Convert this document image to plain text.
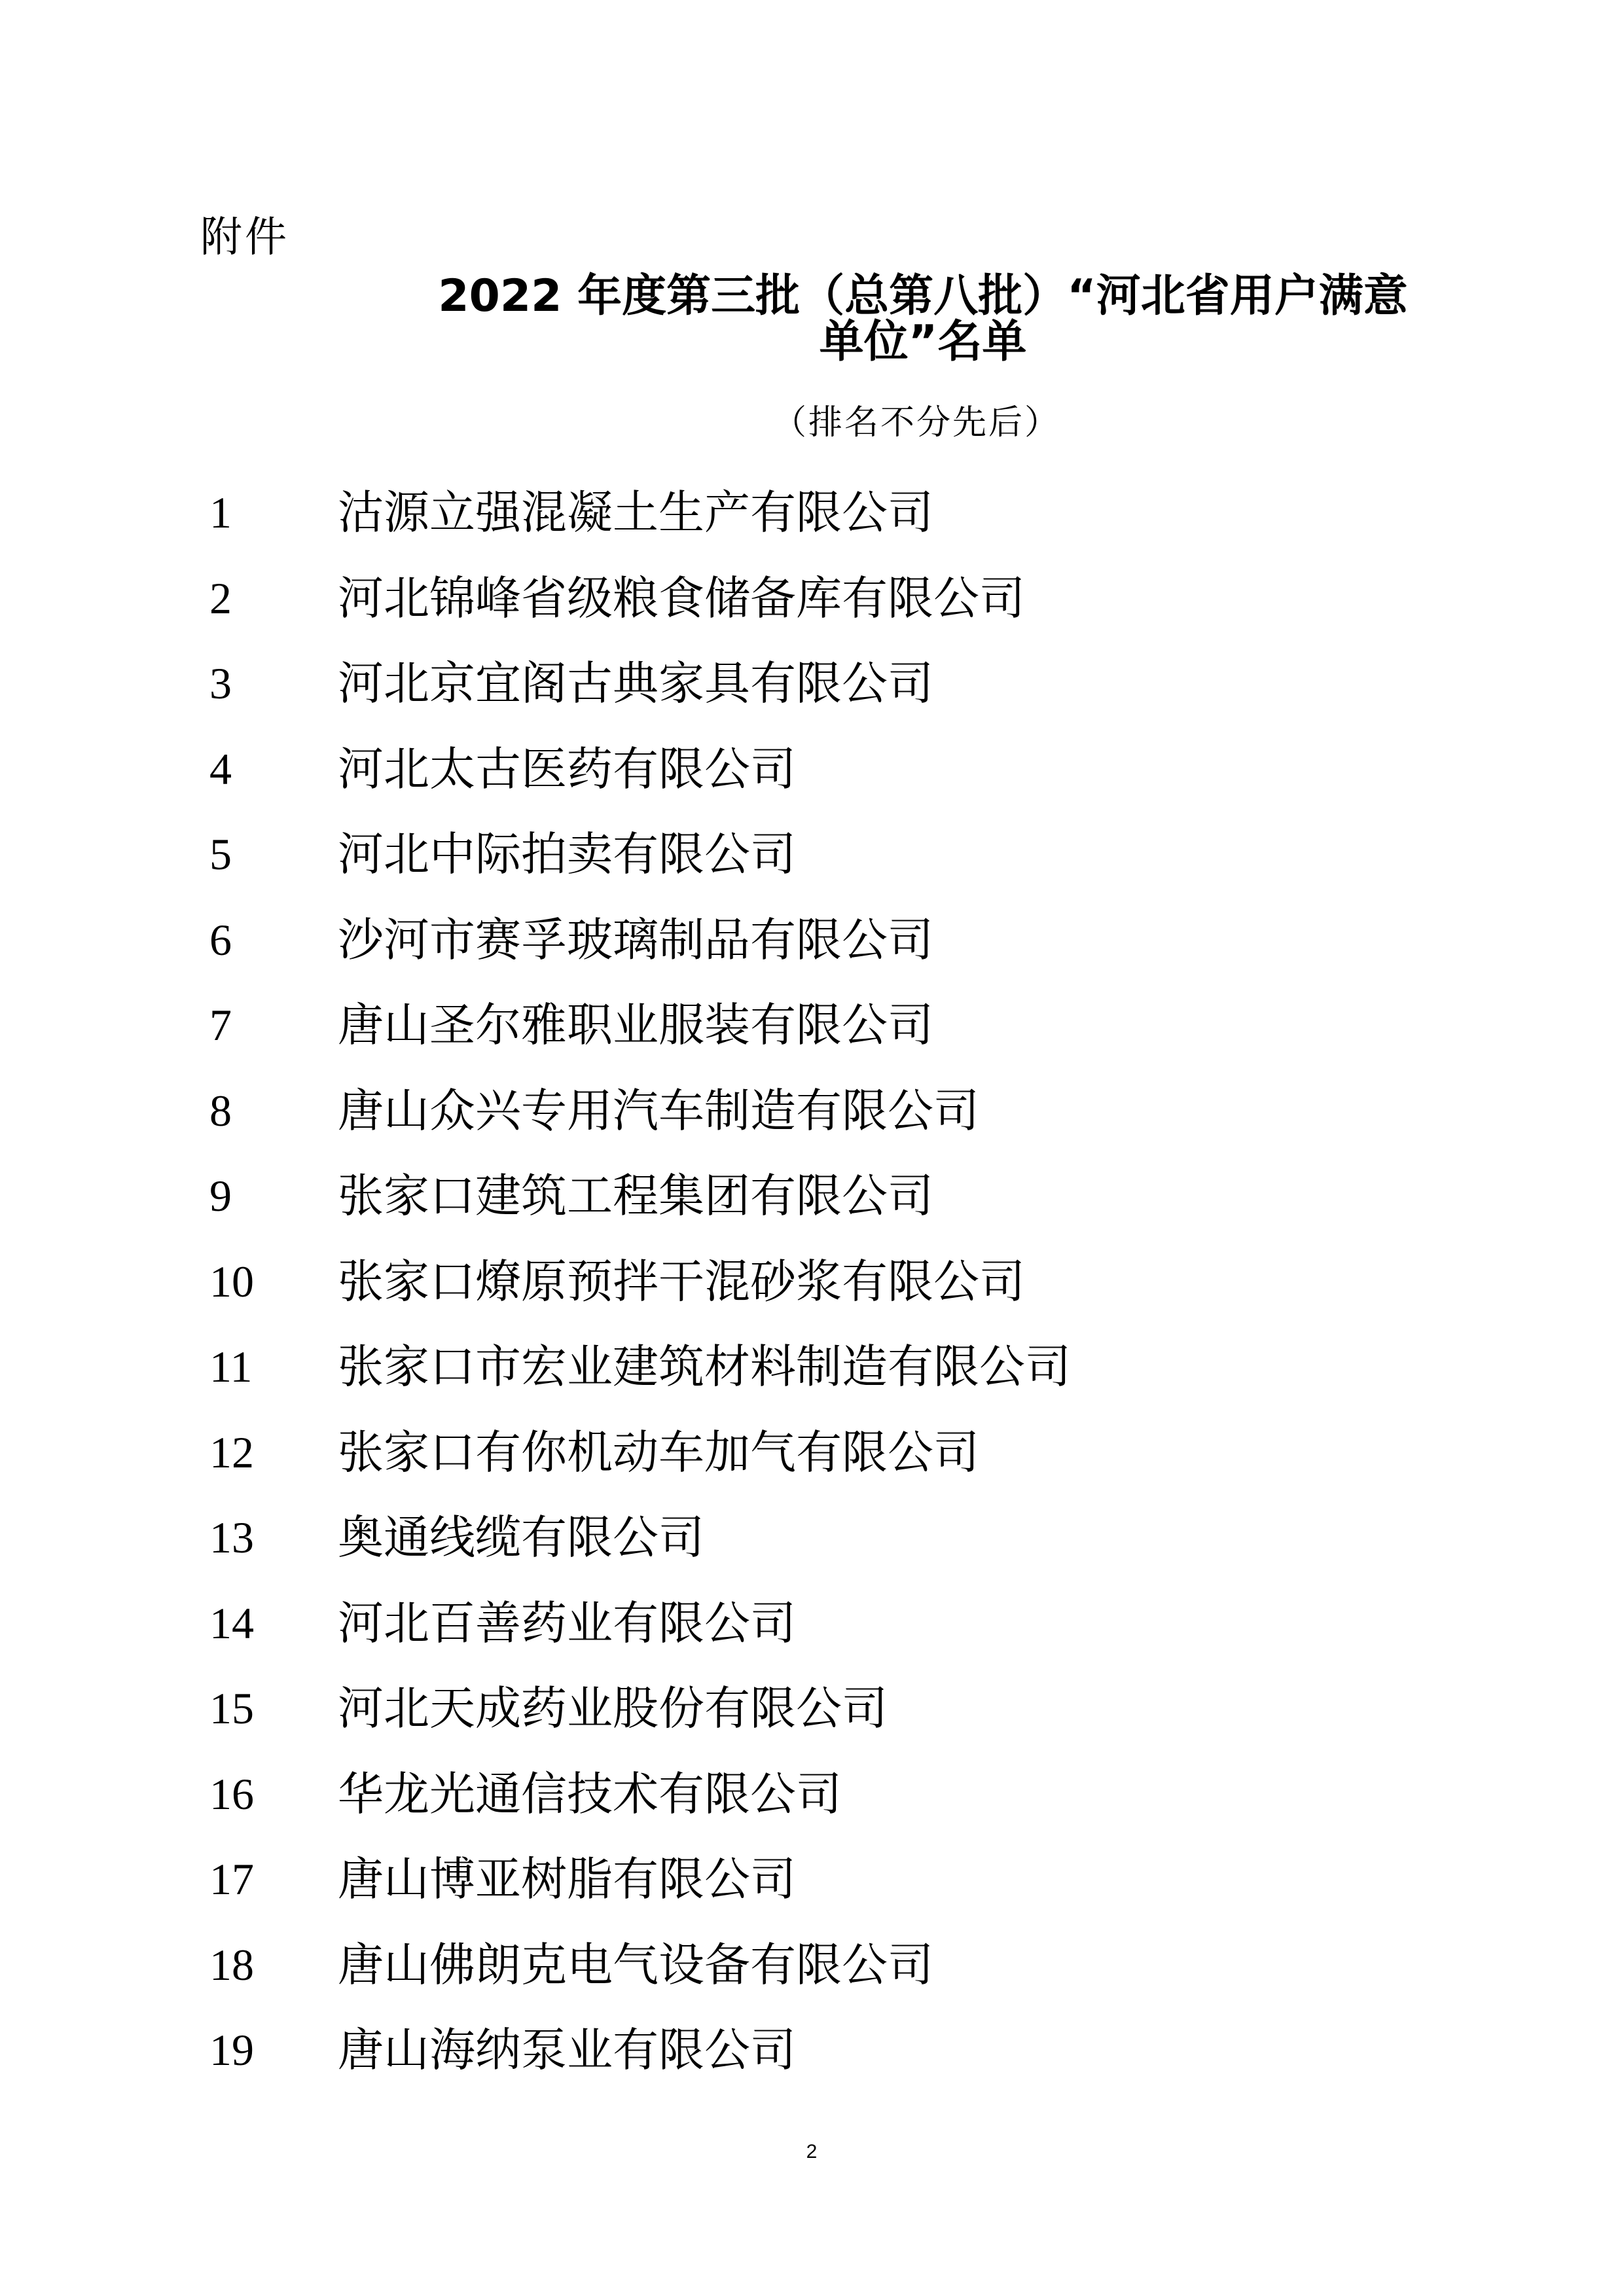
附件
2022 年度第三批（总第八批）“河北省用户满意
单位”名单
（排名不分先后）
1	沽源立强混凝土生产有限公司
2	河北锦峰省级粮食储备库有限公司
3	河北京宜阁古典家具有限公司
4	河北太古医药有限公司
5	河北中际拍卖有限公司
6	沙河市赛孚玻璃制品有限公司
7	唐山圣尔雅职业服装有限公司
8	唐山众兴专用汽车制造有限公司
9	张家口建筑工程集团有限公司
10	张家口燎原预拌干混砂浆有限公司
11	张家口市宏业建筑材料制造有限公司
12	张家口有你机动车加气有限公司
13	奥通线缆有限公司
14	河北百善药业有限公司
15	河北天成药业股份有限公司
16	华龙光通信技术有限公司
17	唐山博亚树脂有限公司
18	唐山佛朗克电气设备有限公司
19	唐山海纳泵业有限公司
2
